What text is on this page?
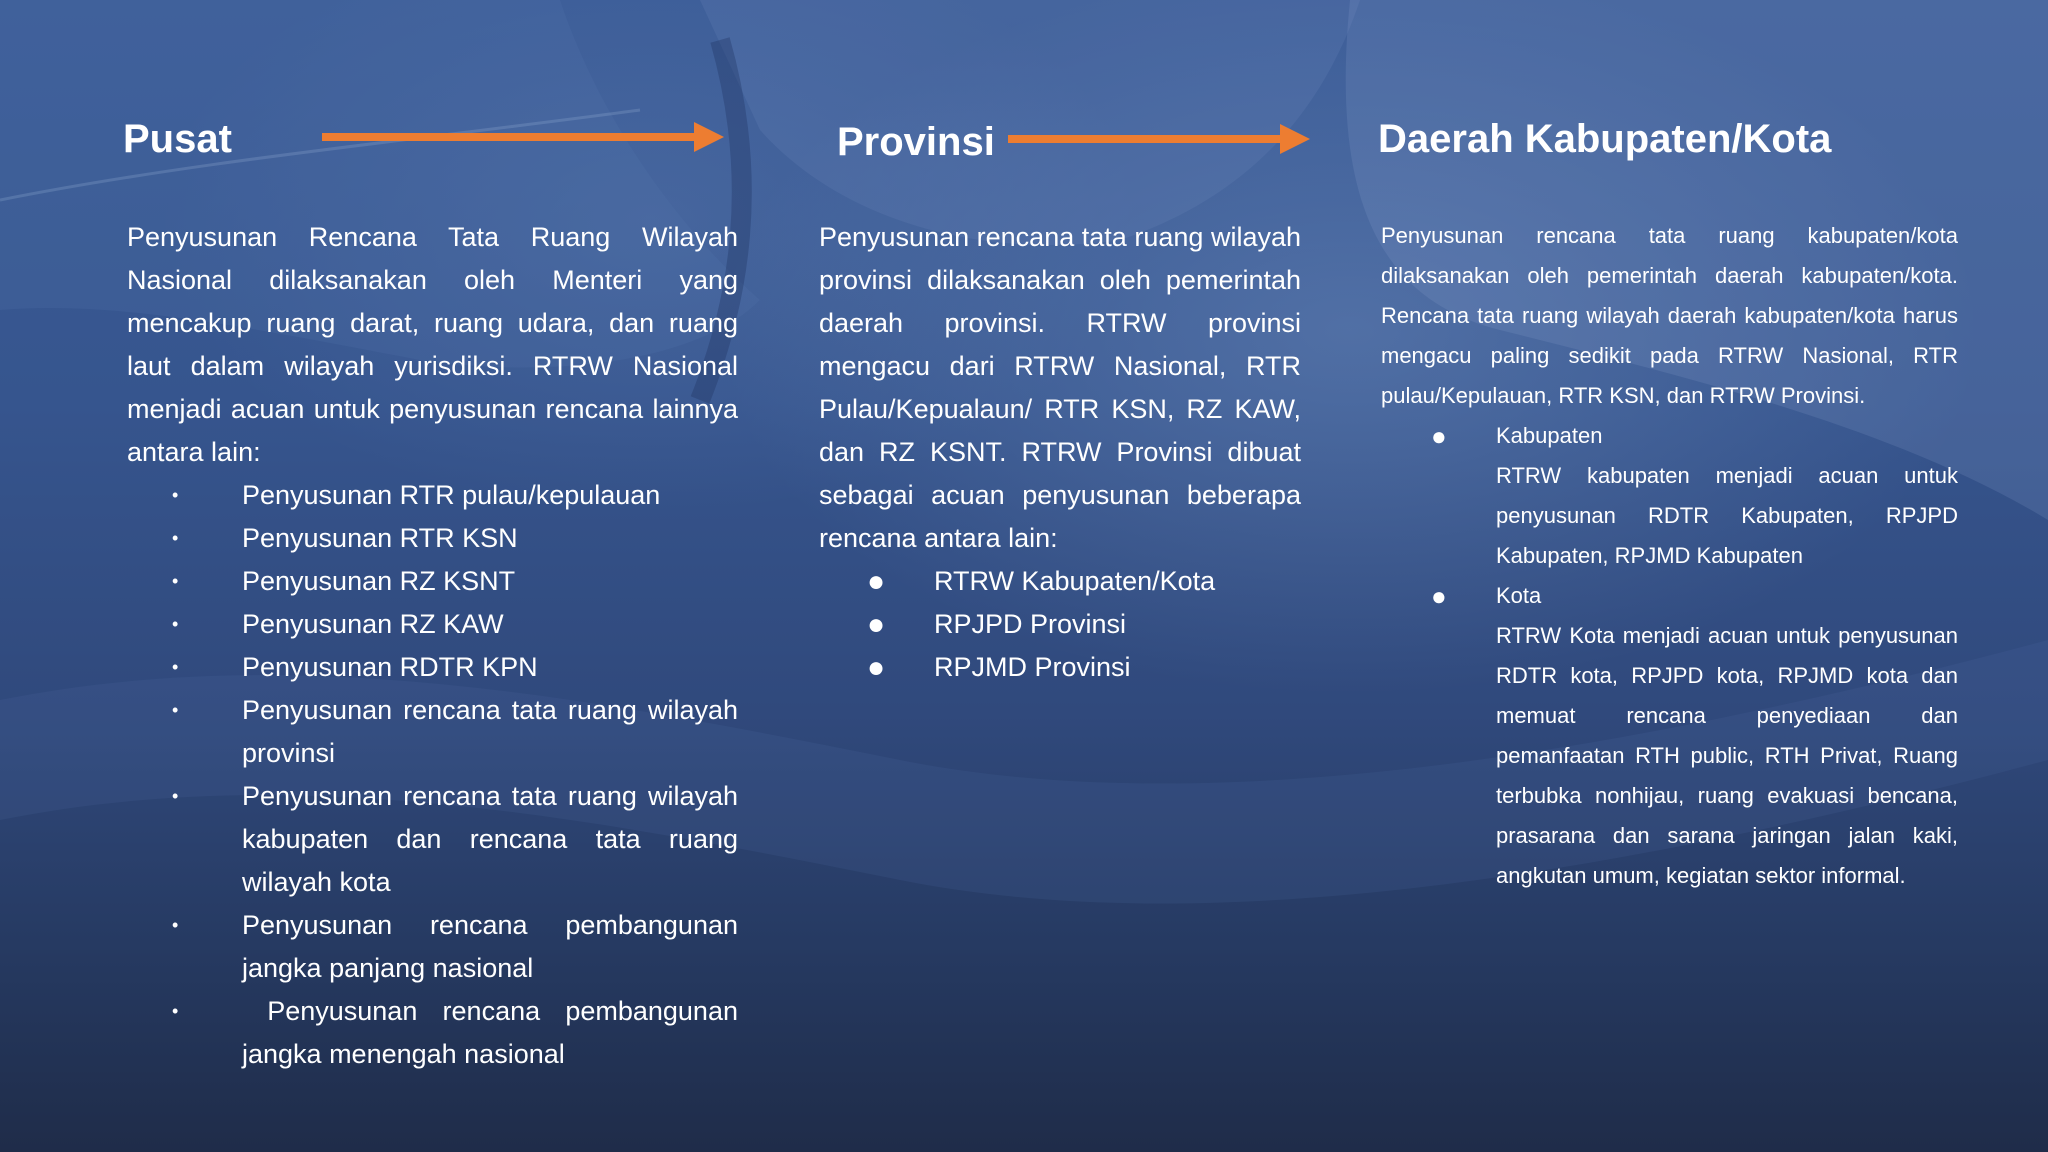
Pusat

Penyusunan Rencana Tata Ruang Wilayah Nasional dilaksanakan oleh Menteri yang mencakup ruang darat, ruang udara, dan ruang laut dalam wilayah yurisdiksi. RTRW Nasional menjadi acuan untuk penyusunan rencana lainnya antara lain:

• Penyusunan RTR pulau/kepulauan
• Penyusunan RTR KSN
• Penyusunan RZ KSNT
• Penyusunan RZ KAW
• Penyusunan RDTR KPN
• Penyusunan rencana tata ruang wilayah provinsi
• Penyusunan rencana tata ruang wilayah kabupaten dan rencana tata ruang wilayah kota
• Penyusunan rencana pembangunan jangka panjang nasional
• Penyusunan rencana pembangunan jangka menengah nasional
Provinsi

Penyusunan rencana tata ruang wilayah provinsi dilaksanakan oleh pemerintah daerah provinsi. RTRW provinsi mengacu dari RTRW Nasional, RTR Pulau/Kepualaun/ RTR KSN, RZ KAW, dan RZ KSNT. RTRW Provinsi dibuat sebagai acuan penyusunan beberapa rencana antara lain:

● RTRW Kabupaten/Kota
● RPJPD Provinsi
● RPJMD Provinsi
Daerah Kabupaten/Kota

Penyusunan rencana tata ruang kabupaten/kota dilaksanakan oleh pemerintah daerah kabupaten/kota. Rencana tata ruang wilayah daerah kabupaten/kota harus mengacu paling sedikit pada RTRW Nasional, RTR pulau/Kepulauan, RTR KSN, dan RTRW Provinsi.

● Kabupaten
RTRW kabupaten menjadi acuan untuk penyusunan RDTR Kabupaten, RPJPD Kabupaten, RPJMD Kabupaten
● Kota
RTRW Kota menjadi acuan untuk penyusunan RDTR kota, RPJPD kota, RPJMD kota dan memuat rencana penyediaan dan pemanfaatan RTH public, RTH Privat, Ruang terbubka nonhijau, ruang evakuasi bencana, prasarana dan sarana jaringan jalan kaki, angkutan umum, kegiatan sektor informal.
